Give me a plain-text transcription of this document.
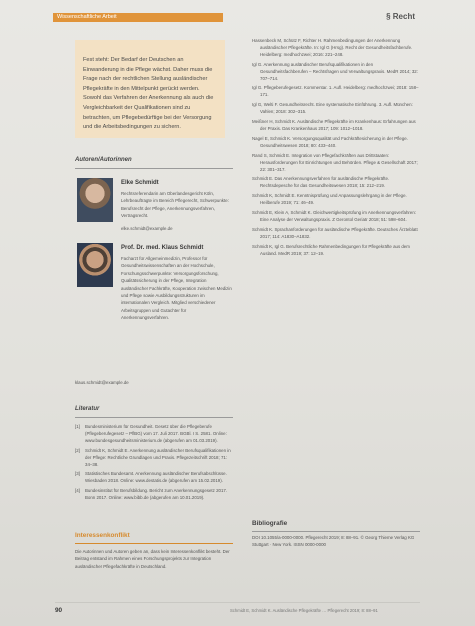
Wissenschaftliche Arbeit	§ Recht

Fest steht: Der Bedarf der Deutschen an Einwanderung in die Pflege wächst. Daher muss die Frage nach der rechtlichen Stellung ausländischer Pflegekräfte in den Mittelpunkt gerückt werden. Sowohl das Verfahren der Anerkennung als auch die Vergleichbarkeit der Qualifikationen sind zu betrachten, um Pflegebedürftige bei der Versorgung und die Arbeitsbedingungen zu sichern.

Autoren/Autorinnen
Elke Schmidt
Rechtsreferendarin am Oberlandesgericht Köln, Lehrbeauftragte im Bereich Pflegerecht, Schwerpunkte: Berufsrecht der Pflege, Anerkennungsverfahren, Vertragsrecht.
elke.schmidt@example.de
Prof. Dr. med. Klaus Schmidt
Facharzt für Allgemeinmedizin, Professor für Gesundheitswissenschaften an der Hochschule, Forschungsschwerpunkte: Versorgungsforschung, Qualitätssicherung in der Pflege, Integration ausländischer Fachkräfte, Kooperation zwischen Medizin und Pflege sowie Ausbildungsstrukturen im internationalen Vergleich. Mitglied verschiedener Arbeitsgruppen und Gutachter für Anerkennungsverfahren.
klaus.schmidt@example.de
Literatur
[1]	Bundesministerium für Gesundheit. Gesetz über die Pflegeberufe (Pflegeberufegesetz – PflBG) vom 17. Juli 2017. BGBl. I S. 2581. Online: www.bundesgesundheitsministerium.de (abgerufen am 01.03.2019).
[2]	Schmidt K, Schmidt E. Anerkennung ausländischer Berufsqualifikationen in der Pflege: Rechtliche Grundlagen und Praxis. Pflegezeitschrift 2018; 71: 34–38.
[3]	Statistisches Bundesamt. Anerkennung ausländischer Berufsabschlüsse. Wiesbaden 2018. Online: www.destatis.de (abgerufen am 15.02.2019).
[4]	Bundesinstitut für Berufsbildung. Bericht zum Anerkennungsgesetz 2017. Bonn 2017. Online: www.bibb.de (abgerufen am 10.01.2019).
Interessenkonflikt
Die Autorinnen und Autoren geben an, dass kein Interessenkonflikt besteht. Der Beitrag entstand im Rahmen eines Forschungsprojekts zur Integration ausländischer Pflegefachkräfte in Deutschland.
Hassenbeck M, Schütz F, Richter H. Rahmenbedingungen der Anerkennung ausländischer Pflegekräfte. In: Igl G (Hrsg). Recht der Gesundheitsfachberufe. Heidelberg: medhochzwei; 2016: 221–248.
Igl G. Anerkennung ausländischer Berufsqualifikationen in den Gesundheitsfachberufen – Rechtsfragen und Verwaltungspraxis. MedR 2014; 32: 707–714.
Igl G. Pflegeberufegesetz. Kommentar. 1. Aufl. Heidelberg: medhochzwei; 2018: 158–171.
Igl G, Welti F. Gesundheitsrecht. Eine systematische Einführung. 3. Aufl. München: Vahlen; 2018: 302–315.
Meißner H, Schmidt K. Ausländische Pflegekräfte im Krankenhaus: Erfahrungen aus der Praxis. Das Krankenhaus 2017; 109: 1012–1018.
Nagel E, Schmidt K. Versorgungsqualität und Fachkräftesicherung in der Pflege. Gesundheitswesen 2018; 80: 433–440.
Rand S, Schmidt E. Integration von Pflegefachkräften aus Drittstaaten: Herausforderungen für Einrichtungen und Behörden. Pflege & Gesellschaft 2017; 22: 301–317.
Schmidt E. Das Anerkennungsverfahren für ausländische Pflegekräfte. Rechtsdepesche für das Gesundheitswesen 2018; 15: 212–219.
Schmidt K, Schmidt E. Kenntnisprüfung und Anpassungslehrgang in der Pflege. Heilberufe 2019; 71: 46–49.
Schmidt E, Klein A, Schmidt K. Gleichwertigkeitsprüfung im Anerkennungsverfahren: Eine Analyse der Verwaltungspraxis. Z Gerontol Geriatr 2018; 51: 598–604.
Schmidt K. Sprachanforderungen für ausländische Pflegekräfte. Deutsches Ärzteblatt 2017; 114: A1830–A1832.
Schmidt K, Igl G. Berufsrechtliche Rahmenbedingungen für Pflegekräfte aus dem Ausland. MedR 2019; 37: 12–19.
Bibliografie
DOI 10.1055/a-0000-0000. Pflegerecht 2019; 8: 88–91. © Georg Thieme Verlag KG Stuttgart · New York. ISSN 0000-0000
90	Schmidt E, Schmidt K. Ausländische Pflegekräfte … Pflegerecht 2019; 8: 88–91
